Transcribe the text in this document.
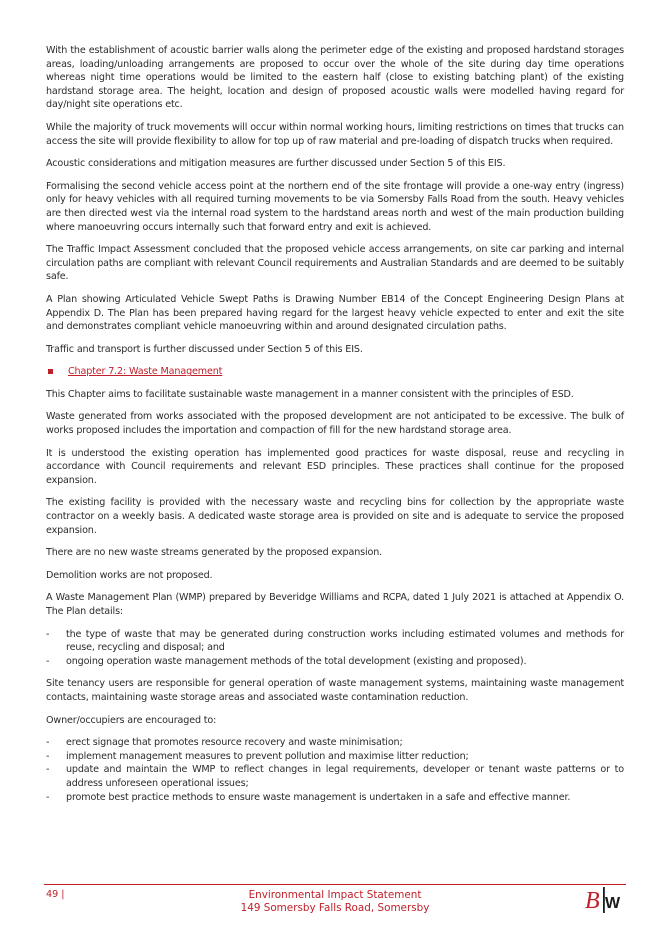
With the establishment of acoustic barrier walls along the perimeter edge of the existing and proposed hardstand storages areas, loading/unloading arrangements are proposed to occur over the whole of the site during day time operations whereas night time operations would be limited to the eastern half (close to existing batching plant) of the existing hardstand storage area. The height, location and design of proposed acoustic walls were modelled having regard for day/night site operations etc.

While the majority of truck movements will occur within normal working hours, limiting restrictions on times that trucks can access the site will provide flexibility to allow for top up of raw material and pre-loading of dispatch trucks when required.

Acoustic considerations and mitigation measures are further discussed under Section 5 of this EIS.

Formalising the second vehicle access point at the northern end of the site frontage will provide a one-way entry (ingress) only for heavy vehicles with all required turning movements to be via Somersby Falls Road from the south. Heavy vehicles are then directed west via the internal road system to the hardstand areas north and west of the main production building where manoeuvring occurs internally such that forward entry and exit is achieved.

The Traffic Impact Assessment concluded that the proposed vehicle access arrangements, on site car parking and internal circulation paths are compliant with relevant Council requirements and Australian Standards and are deemed to be suitably safe.

A Plan showing Articulated Vehicle Swept Paths is Drawing Number EB14 of the Concept Engineering Design Plans at Appendix D. The Plan has been prepared having regard for the largest heavy vehicle expected to enter and exit the site and demonstrates compliant vehicle manoeuvring within and around designated circulation paths.

Traffic and transport is further discussed under Section 5 of this EIS.

Chapter 7.2: Waste Management

This Chapter aims to facilitate sustainable waste management in a manner consistent with the principles of ESD.

Waste generated from works associated with the proposed development are not anticipated to be excessive. The bulk of works proposed includes the importation and compaction of fill for the new hardstand storage area.

It is understood the existing operation has implemented good practices for waste disposal, reuse and recycling in accordance with Council requirements and relevant ESD principles. These practices shall continue for the proposed expansion.

The existing facility is provided with the necessary waste and recycling bins for collection by the appropriate waste contractor on a weekly basis. A dedicated waste storage area is provided on site and is adequate to service the proposed expansion.

There are no new waste streams generated by the proposed expansion.

Demolition works are not proposed.

A Waste Management Plan (WMP) prepared by Beveridge Williams and RCPA, dated 1 July 2021 is attached at Appendix O. The Plan details:

- the type of waste that may be generated during construction works including estimated volumes and methods for reuse, recycling and disposal; and
- ongoing operation waste management methods of the total development (existing and proposed).

Site tenancy users are responsible for general operation of waste management systems, maintaining waste management contacts, maintaining waste storage areas and associated waste contamination reduction.

Owner/occupiers are encouraged to:

- erect signage that promotes resource recovery and waste minimisation;
- implement management measures to prevent pollution and maximise litter reduction;
- update and maintain the WMP to reflect changes in legal requirements, developer or tenant waste patterns or to address unforeseen operational issues;
- promote best practice methods to ensure waste management is undertaken in a safe and effective manner.
49 |	Environmental Impact Statement
149 Somersby Falls Road, Somersby	B W
